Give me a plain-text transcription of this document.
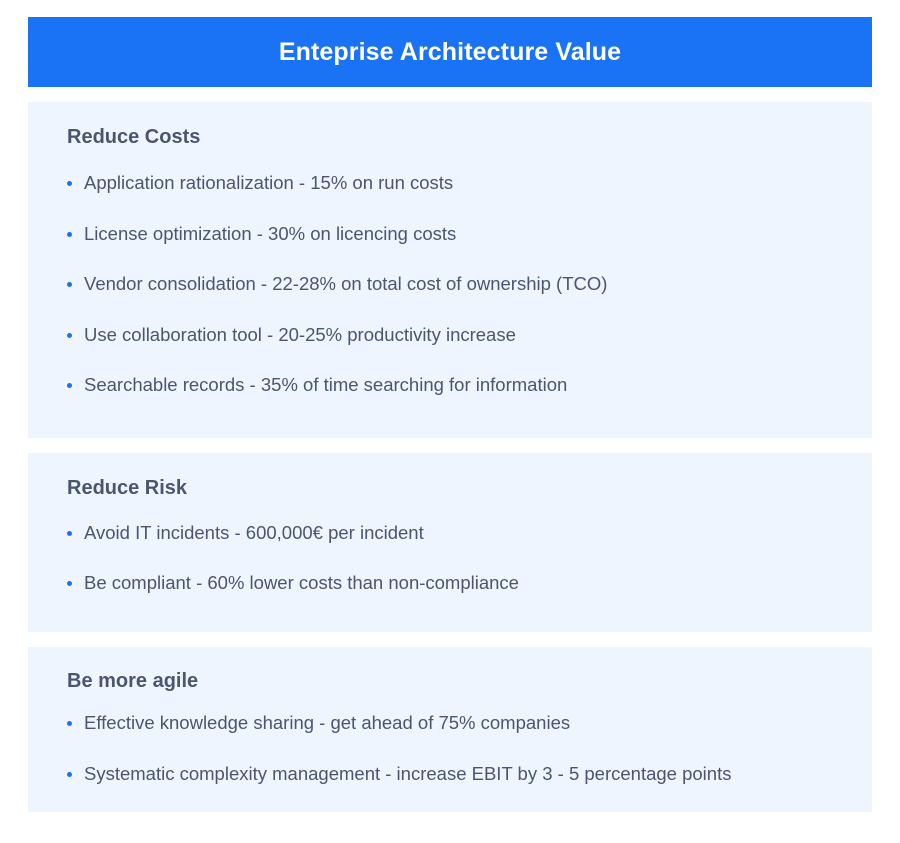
Enteprise Architecture Value
Reduce Costs
Application rationalization - 15% on run costs
License optimization - 30% on licencing costs
Vendor consolidation - 22-28% on total cost of ownership (TCO)
Use collaboration tool - 20-25% productivity increase
Searchable records - 35% of time searching for information
Reduce Risk
Avoid IT incidents - 600,000€ per incident
Be compliant - 60% lower costs than non-compliance
Be more agile
Effective knowledge sharing - get ahead of 75% companies
Systematic complexity management - increase EBIT by 3 - 5 percentage points
